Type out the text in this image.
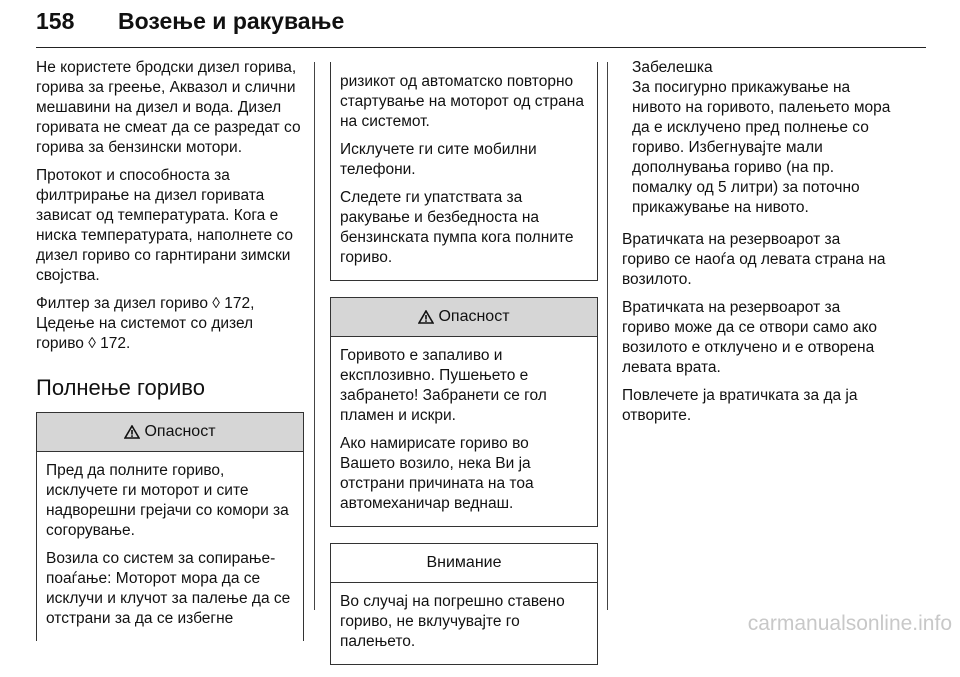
158 Возење и ракување

Не користете бродски дизел горива, горива за греење, Аквазол и слични мешавини на дизел и вода. Дизел горивата не смеат да се разредат со горива за бензински мотори.

Протокот и способноста за филтрирање на дизел горивата зависат од температурата. Кога е ниска температурата, наполнете со дизел гориво со гарнтирани зимски својства.

Филтер за дизел гориво ◊ 172,
Цедење на системот со дизел гориво ◊ 172.

Полнење гориво
Опасност

Пред да полните гориво, исклучете ги моторот и сите надворешни грејачи со комори за согорување.

Возила со систем за сопирање-поаѓање: Моторот мора да се исклучи и клучот за палење да се отстрани за да се избегне

ризикот од автоматско повторно стартување на моторот од страна на системот.

Исклучете ги сите мобилни телефони.

Следете ги упатствата за ракување и безбедноста на бензинската пумпа кога полните гориво.

Опасност

Горивото е запаливо и експлозивно. Пушењето е забрането! Забранети се гол пламен и искри.

Ако намирисате гориво во Вашето возило, нека Ви ја отстрани причината на тоа автомеханичар веднаш.

Внимание

Во случај на погрешно ставено гориво, не вклучувајте го палењето.

Забелешка
За посигурно прикажување на нивото на горивото, палењето мора да е исклучено пред полнење со гориво. Избегнувајте мали дополнувања гориво (на пр. помалку од 5 литри) за поточно прикажување на нивото.

Вратичката на резервоарот за гориво се наоѓа од левата страна на возилото.

Вратичката на резервоарот за гориво може да се отвори само ако возилото е отклучено и е отворена левата врата.

Повлечете ја вратичката за да ја отворите.

carmanualsonline.info
